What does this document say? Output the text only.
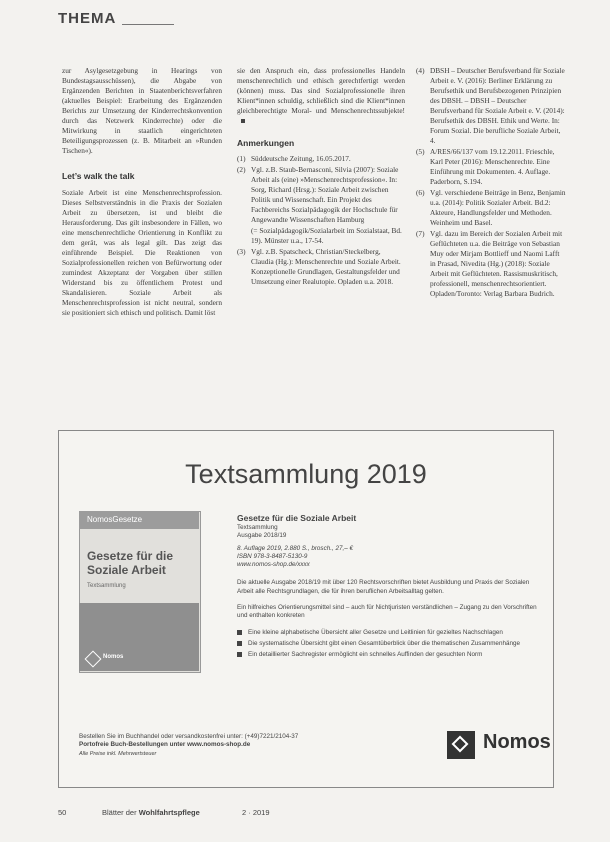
THEMA

zur Asylgesetzgebung in Hearings von Bundestagsausschüssen), die Abgabe von Ergänzenden Berichten in Staatenberichtsverfahren (aktuelles Beispiel: Erarbeitung des Ergänzenden Berichts zur Umsetzung der Kinderrechtskonvention durch das Netzwerk Kinderrechte) oder die Mitwirkung in staatlich eingerichteten Beteiligungsprozessen (z. B. Mitarbeit an »Runden Tischen«).

Let’s walk the talk

Soziale Arbeit ist eine Menschenrechtsprofession. Dieses Selbstverständnis in die Praxis der Sozialen Arbeit zu übersetzen, ist und bleibt die Herausforderung. Das gilt insbesondere in Fällen, wo eine menschenrechtliche Orientierung in Konflikt zu dem gerät, was als legal gilt. Das zeigt das einführende Beispiel. Die Reaktionen von Sozialprofessionellen reichen von Befürwortung oder zumindest Akzeptanz der Vorgaben über stillen Widerstand bis zu öffentlichem Protest und Skandalisieren. Soziale Arbeit als Menschenrechtsprofession ist nicht neutral, sondern sie positioniert sich ethisch und politisch. Damit löst

sie den Anspruch ein, dass professionelles Handeln menschenrechtlich und ethisch gerechtfertigt werden (können) muss. Das sind Sozialprofessionelle ihren Klient*innen schuldig, schließlich sind die Klient*innen gleichberechtigte Moral- und Menschenrechtssubjekte!

Anmerkungen
(1) Süddeutsche Zeitung, 16.05.2017.
(2) Vgl. z.B. Staub-Bernasconi, Silvia (2007): Soziale Arbeit als (eine) »Menschenrechtsprofession«. In: Sorg, Richard (Hrsg.): Soziale Arbeit zwischen Politik und Wissenschaft. Ein Projekt des Fachbereichs Sozialpädagogik der Hochschule für Angewandte Wissenschaften Hamburg
(= Sozialpädagogik/Sozialarbeit im Sozialstaat, Bd. 19). Münster u.a., 17-54.
(3) Vgl. z.B. Spatscheck, Christian/Steckelberg, Claudia (Hg.): Menschenrechte und Soziale Arbeit. Konzeptionelle Grundlagen, Gestaltungsfelder und Umsetzung einer Realutopie. Opladen u.a. 2018.
(4) DBSH – Deutscher Berufsverband für Soziale Arbeit e. V. (2016): Berliner Erklärung zu Berufsethik und Berufsbezogenen Prinzipien des DBSH. – DBSH – Deutscher Berufsverband für Soziale Arbeit e. V. (2014): Berufsethik des DBSH. Ethik und Werte. In: Forum Sozial. Die berufliche Soziale Arbeit, 4.
(5) A/RES/66/137 vom 19.12.2011. Frieschle, Karl Peter (2016): Menschenrechte. Eine Einführung mit Dokumenten. 4. Auflage. Paderborn, S.194.
(6) Vgl. verschiedene Beiträge in Benz, Benjamin u.a. (2014): Politik Sozialer Arbeit. Bd.2: Akteure, Handlungsfelder und Methoden. Weinheim und Basel.
(7) Vgl. dazu im Bereich der Sozialen Arbeit mit Geflüchteten u.a. die Beiträge von Sebastian Muy oder Mirjam Bottlieff und Naomi Lafft in Prasad, Nivedita (Hg.) (2018): Soziale Arbeit mit Geflüchteten. Rassismuskritisch, professionell, menschenrechtsorientiert. Opladen/Toronto: Verlag Barbara Budrich.
Textsammlung 2019
NomosGesetze
Gesetze für die Soziale Arbeit
Textsammlung
Nomos
Gesetze für die Soziale Arbeit
Textsammlung
Ausgabe 2018/19
8. Auflage 2019, 2.880 S., brosch., 27,– €
ISBN 978-3-8487-5130-9
www.nomos-shop.de/xxxx
Die aktuelle Ausgabe 2018/19 mit über 120 Rechtsvorschriften bietet Ausbildung und Praxis der Sozialen Arbeit alle Rechtsgrundlagen, die für ihren beruflichen Arbeitsalltag gelten.
Ein hilfreiches Orientierungsmittel sind – auch für Nichtjuristen verständlichen – Zugang zu den Vorschriften und enthalten konkreten
Eine kleine alphabetische Übersicht aller Gesetze und Leitlinien für gezieltes Nachschlagen
Die systematische Übersicht gibt einen Gesamtüberblick über die thematischen Zusammenhänge
Ein detaillierter Sachregister ermöglicht ein schnelles Auffinden der gesuchten Norm
Bestellen Sie im Buchhandel oder versandkostenfrei unter: (+49)7221/2104-37
Portofreie Buch-Bestellungen unter www.nomos-shop.de
Alle Preise inkl. Mehrwertsteuer
Nomos
50	Blätter der Wohlfahrtspflege	2 · 2019
